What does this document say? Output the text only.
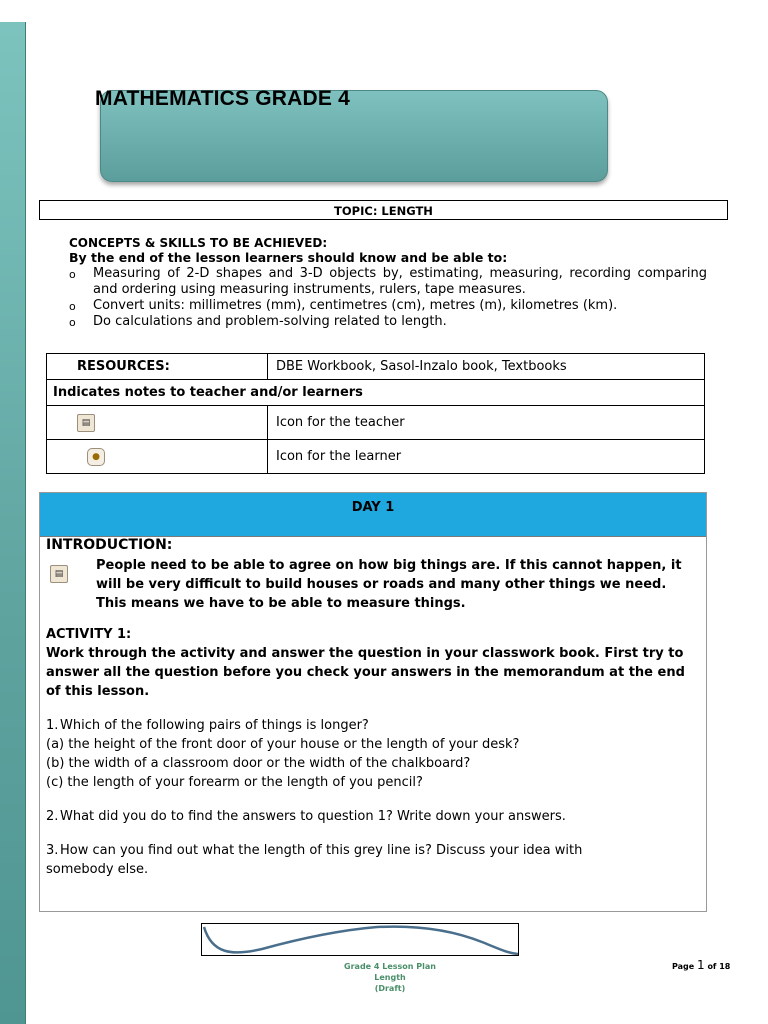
MATHEMATICS GRADE 4
TOPIC: LENGTH
CONCEPTS & SKILLS TO BE ACHIEVED:
By the end of the lesson learners should know and be able to:
o Measuring of 2-D shapes and 3-D objects by, estimating, measuring, recording comparing and ordering using measuring instruments, rulers, tape measures.
o Convert units: millimetres (mm), centimetres (cm), metres (m), kilometres (km).
o Do calculations and problem-solving related to length.
RESOURCES:	DBE Workbook, Sasol-Inzalo book, Textbooks
Indicates notes to teacher and/or learners	
▤	Icon for the teacher
●	Icon for the learner
DAY 1
INTRODUCTION:
▤
People need to be able to agree on how big things are. If this cannot happen, it will be very difficult to build houses or roads and many other things we need. This means we have to be able to measure things.
ACTIVITY 1:
Work through the activity and answer the question in your classwork book. First try to answer all the question before you check your answers in the memorandum at the end of this lesson.
1. Which of the following pairs of things is longer?
(a) the height of the front door of your house or the length of your desk?
(b) the width of a classroom door or the width of the chalkboard?
(c) the length of your forearm or the length of you pencil?
2. What did you do to find the answers to question 1? Write down your answers.
3. How can you find out what the length of this grey line is? Discuss your idea with
somebody else.
Grade 4 Lesson Plan
Length
(Draft)
Page 1 of 18
